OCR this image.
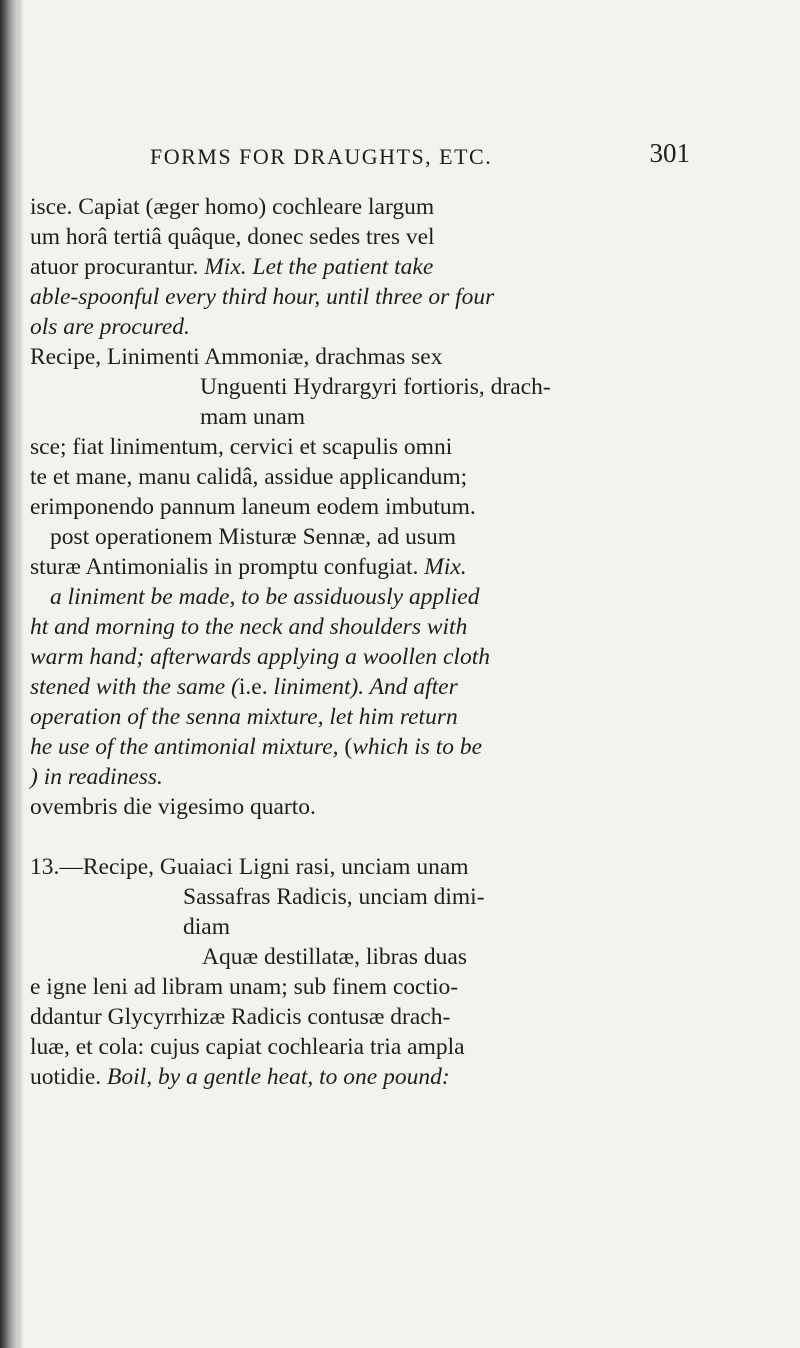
FORMS FOR DRAUGHTS, ETC.	301
isce. Capiat (æger homo) cochleare largum
um horâ tertiâ quâque, donec sedes tres vel
atuor procurantur. Mix. Let the patient take
able-spoonful every third hour, until three or four
ols are procured.
Recipe, Linimenti Ammoniæ, drachmas sex
Unguenti Hydrargyri fortioris, drach-
mam unam
sce; fiat linimentum, cervici et scapulis omni
te et mane, manu calidâ, assidue applicandum;
erimponendo pannum laneum eodem imbutum.
post operationem Misturæ Sennæ, ad usum
sturæ Antimonialis in promptu confugiat. Mix.
a liniment be made, to be assiduously applied
ht and morning to the neck and shoulders with
warm hand; afterwards applying a woollen cloth
stened with the same (i.e. liniment). And after
operation of the senna mixture, let him return
he use of the antimonial mixture, (which is to be
) in readiness.
ovembris die vigesimo quarto.
13.—Recipe, Guaiaci Ligni rasi, unciam unam
Sassafras Radicis, unciam dimi-
diam
Aquæ destillatæ, libras duas
e igne leni ad libram unam; sub finem coctio-
ddantur Glycyrrhizæ Radicis contusæ drach-
luæ, et cola: cujus capiat cochlearia tria ampla
uotidie. Boil, by a gentle heat, to one pound:
